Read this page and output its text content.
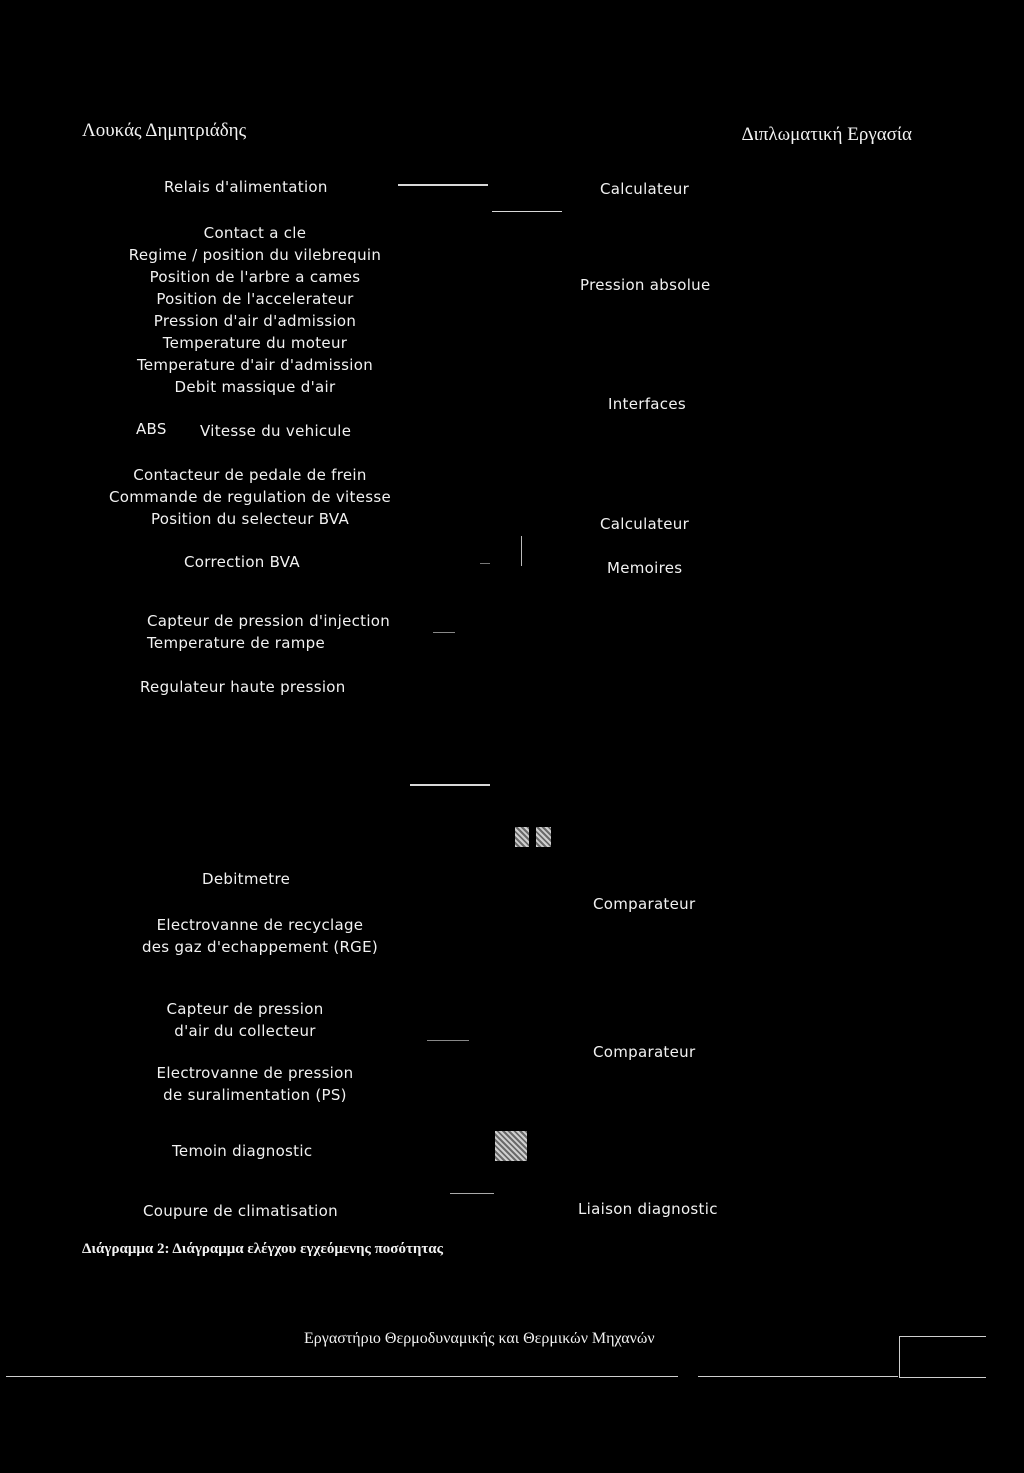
Λουκάς Δημητριάδης	Διπλωματική Εργασία
Relais d'alimentation	Calculateur
Contact a cle
Regime / position du vilebrequin
Position de l'arbre a cames
Position de l'accelerateur
Pression d'air d'admission
Temperature du moteur
Temperature d'air d'admission
Debit massique d'air
Pression absolue
ABS Vitesse du vehicule
Interfaces
Contacteur de pedale de frein
Commande de regulation de vitesse
Position du selecteur BVA	Calculateur
Correction BVA	Memoires
Capteur de pression d'injection
Temperature de rampe
Regulateur haute pression
Debitmetre
Electrovanne de recyclage
des gaz d'echappement (RGE)
Comparateur
Capteur de pression
d'air du collecteur
Comparateur
Electrovanne de pression
de suralimentation (PS)
Temoin diagnostic
Coupure de climatisation	Liaison diagnostic
Διάγραμμα 2: Διάγραμμα ελέγχου εγχεόμενης ποσότητας
Εργαστήριο Θερμοδυναμικής και Θερμικών Μηχανών
